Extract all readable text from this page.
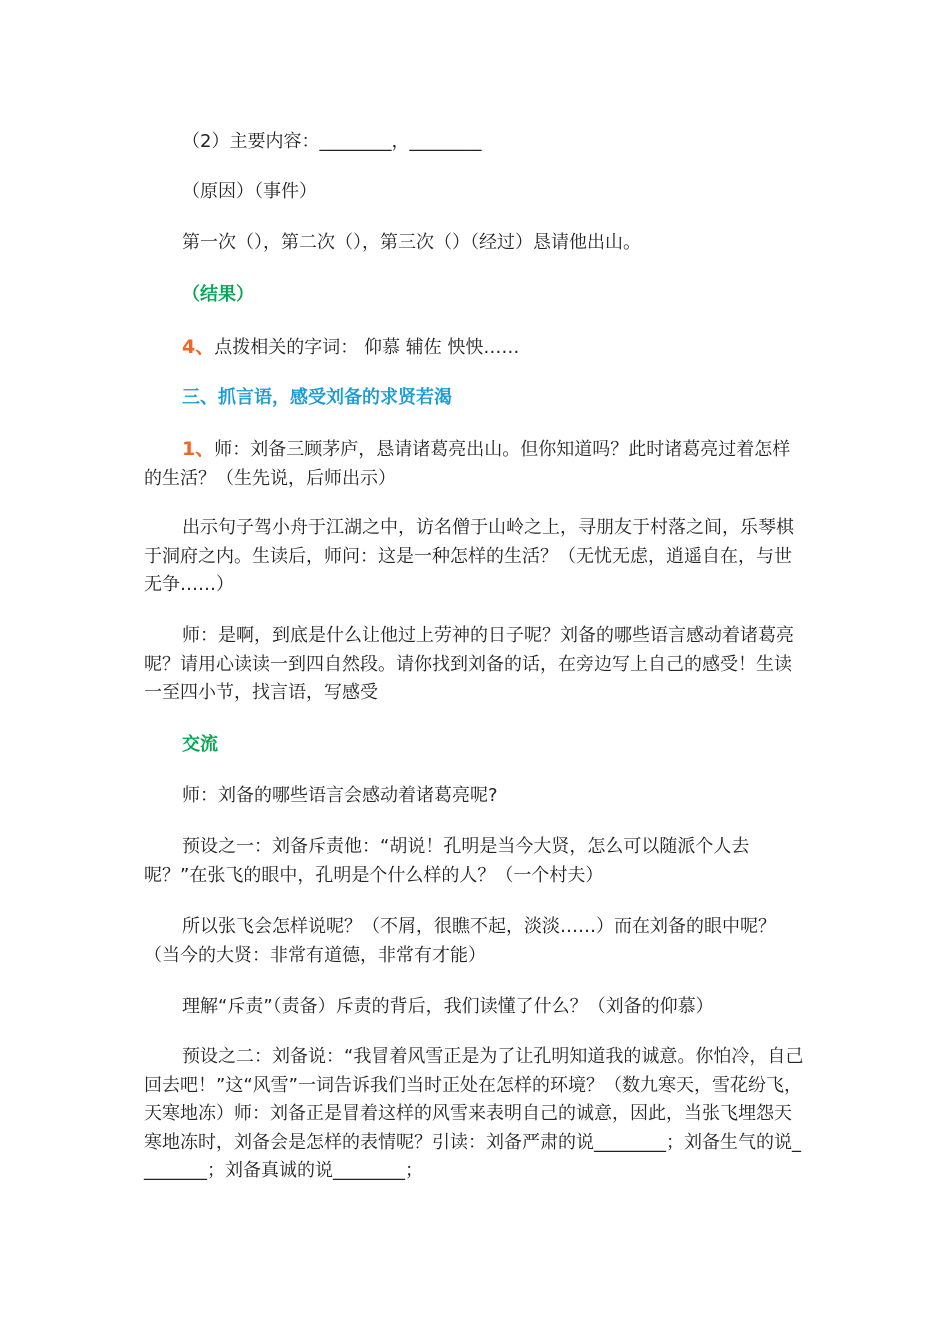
（2）主要内容：________，________

（原因）（事件）

第一次（），第二次（），第三次（）（经过）恳请他出山。

（结果）

4、点拨相关的字词： 仰慕 辅佐 怏怏……

三、抓言语，感受刘备的求贤若渴

1、师：刘备三顾茅庐，恳请诸葛亮出山。但你知道吗？此时诸葛亮过着怎样的生活？（生先说，后师出示）

出示句子驾小舟于江湖之中，访名僧于山岭之上，寻朋友于村落之间，乐琴棋于洞府之内。生读后，师问：这是一种怎样的生活？（无忧无虑，逍遥自在，与世无争……）

师：是啊，到底是什么让他过上劳神的日子呢？刘备的哪些语言感动着诸葛亮呢？请用心读读一到四自然段。请你找到刘备的话，在旁边写上自己的感受！生读一至四小节，找言语，写感受

交流

师：刘备的哪些语言会感动着诸葛亮呢?

预设之一：刘备斥责他：“胡说！孔明是当今大贤，怎么可以随派个人去呢？”在张飞的眼中，孔明是个什么样的人？（一个村夫）

所以张飞会怎样说呢？（不屑，很瞧不起，淡淡……）而在刘备的眼中呢？（当今的大贤：非常有道德，非常有才能）

理解“斥责”（责备）斥责的背后，我们读懂了什么？（刘备的仰慕）

预设之二：刘备说：“我冒着风雪正是为了让孔明知道我的诚意。你怕冷，自己回去吧！”这“风雪”一词告诉我们当时正处在怎样的环境？（数九寒天，雪花纷飞，天寒地冻）师：刘备正是冒着这样的风雪来表明自己的诚意，因此，当张飞埋怨天寒地冻时，刘备会是怎样的表情呢？引读：刘备严肃的说________；刘备生气的说________；刘备真诚的说________；
